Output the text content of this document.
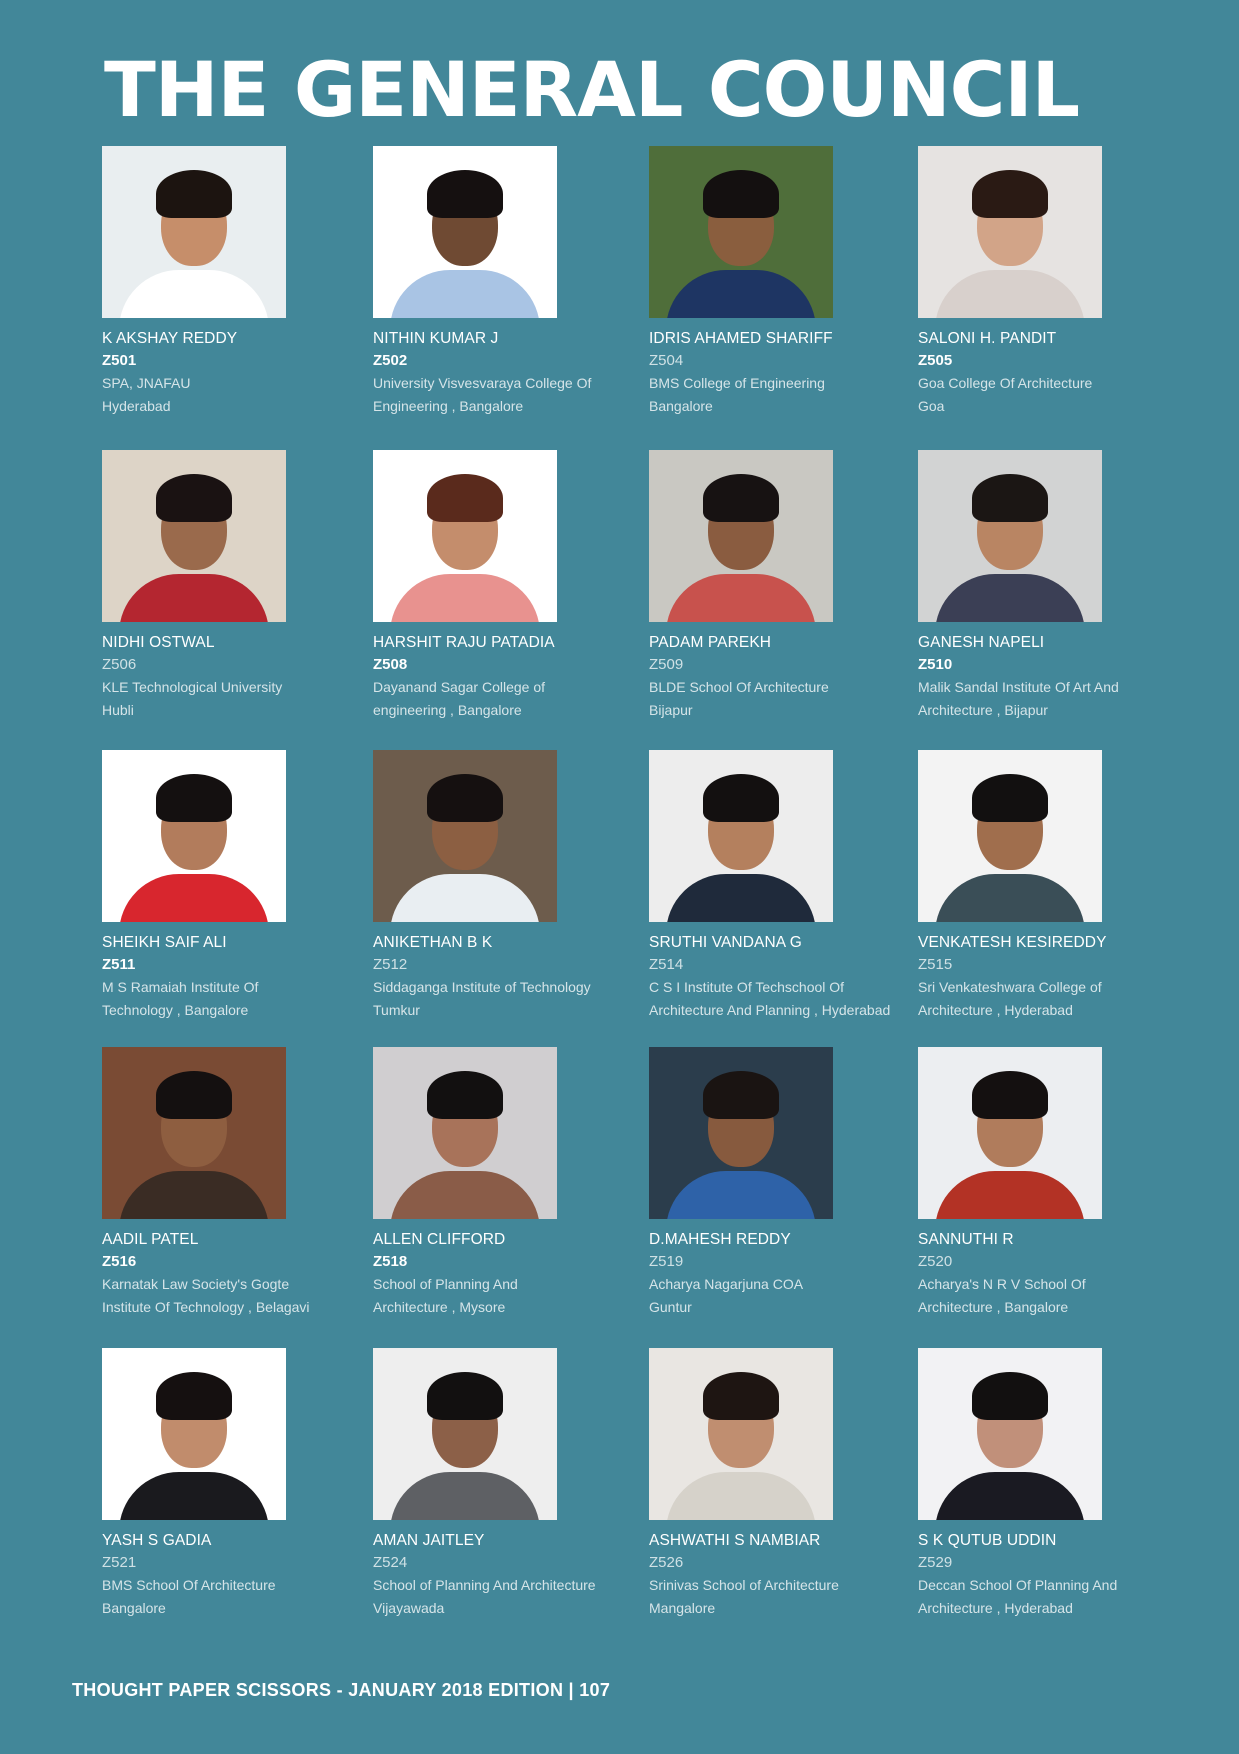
THE GENERAL COUNCIL
K AKSHAY REDDY
Z501
SPA, JNAFAU
Hyderabad
NITHIN KUMAR J
Z502
University Visvesvaraya College Of
Engineering , Bangalore
IDRIS AHAMED SHARIFF
Z504
BMS College of Engineering
Bangalore
SALONI H. PANDIT
Z505
Goa College Of Architecture
Goa
NIDHI OSTWAL
Z506
KLE Technological University
Hubli
HARSHIT RAJU PATADIA
Z508
Dayanand Sagar College of
engineering , Bangalore
PADAM PAREKH
Z509
BLDE School Of Architecture
Bijapur
GANESH NAPELI
Z510
Malik Sandal Institute Of Art And
Architecture , Bijapur
SHEIKH SAIF ALI
Z511
M S Ramaiah Institute Of
Technology , Bangalore
ANIKETHAN B K
Z512
Siddaganga Institute of Technology
Tumkur
SRUTHI VANDANA G
Z514
C S I Institute Of Techschool Of
Architecture And Planning , Hyderabad
VENKATESH KESIREDDY
Z515
Sri Venkateshwara College of
Architecture , Hyderabad
AADIL PATEL
Z516
Karnatak Law Society's Gogte
Institute Of Technology , Belagavi
ALLEN CLIFFORD
Z518
School of Planning And
Architecture , Mysore
D.MAHESH REDDY
Z519
Acharya Nagarjuna COA
Guntur
SANNUTHI R
Z520
Acharya's N R V School Of
Architecture , Bangalore
YASH S GADIA
Z521
BMS School Of Architecture
Bangalore
AMAN JAITLEY
Z524
School of Planning And Architecture
Vijayawada
ASHWATHI S NAMBIAR
Z526
Srinivas School of Architecture
Mangalore
S K QUTUB UDDIN
Z529
Deccan School Of Planning And
Architecture , Hyderabad
THOUGHT PAPER SCISSORS - JANUARY 2018 EDITION | 107
